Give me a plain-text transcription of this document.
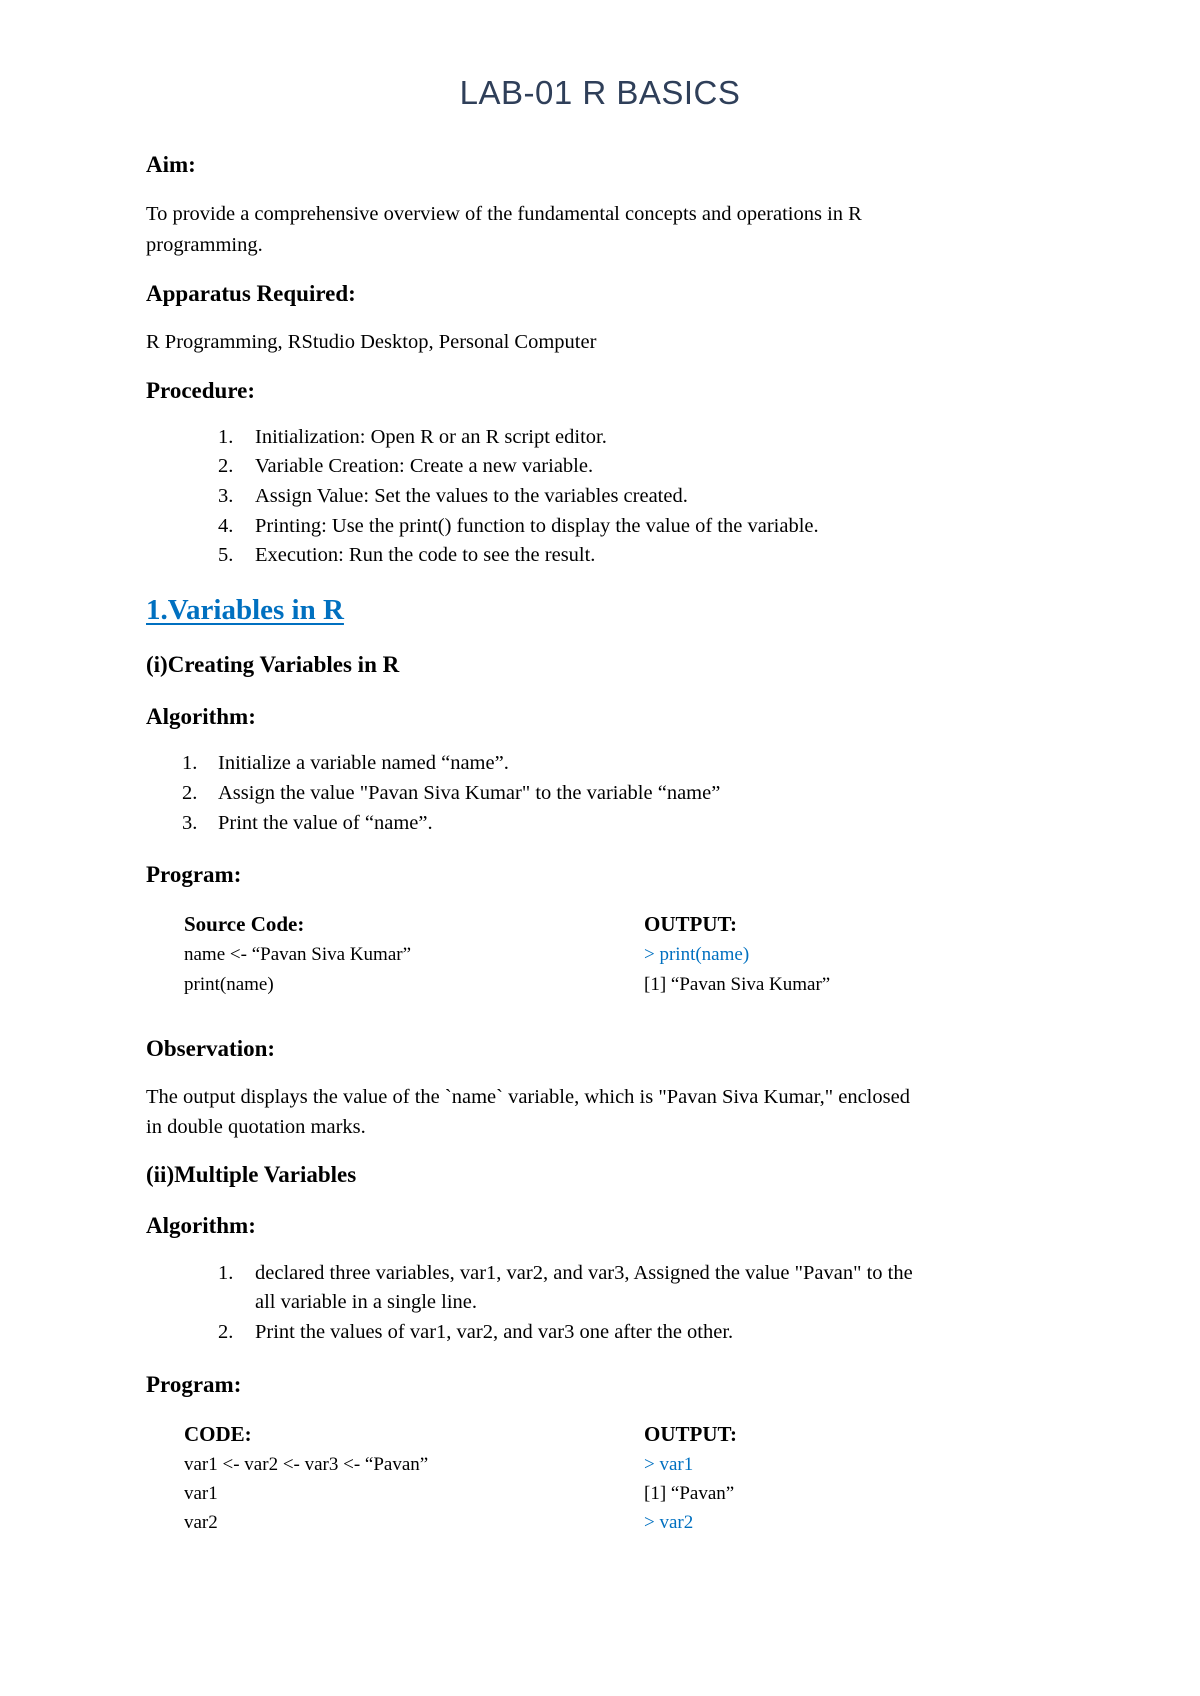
LAB-01 R BASICS
Aim:
To provide a comprehensive overview of the fundamental concepts and operations in R
programming.
Apparatus Required:
R Programming, RStudio Desktop, Personal Computer
Procedure:
1. Initialization: Open R or an R script editor.
2. Variable Creation: Create a new variable.
3. Assign Value: Set the values to the variables created.
4. Printing: Use the print() function to display the value of the variable.
5. Execution: Run the code to see the result.
1.Variables in R
(i)Creating Variables in R
Algorithm:
1. Initialize a variable named “name”.
2. Assign the value "Pavan Siva Kumar" to the variable “name”
3. Print the value of “name”.
Program:
Source Code:
name <- “Pavan Siva Kumar”
print(name)
OUTPUT:
> print(name)
[1] “Pavan Siva Kumar”
Observation:
The output displays the value of the `name` variable, which is "Pavan Siva Kumar," enclosed
in double quotation marks.
(ii)Multiple Variables
Algorithm:
1. declared three variables, var1, var2, and var3, Assigned the value "Pavan" to the
all variable in a single line.
2. Print the values of var1, var2, and var3 one after the other.
Program:
CODE:
var1 <- var2 <- var3 <- “Pavan”
var1
var2
OUTPUT:
> var1
[1] “Pavan”
> var2
